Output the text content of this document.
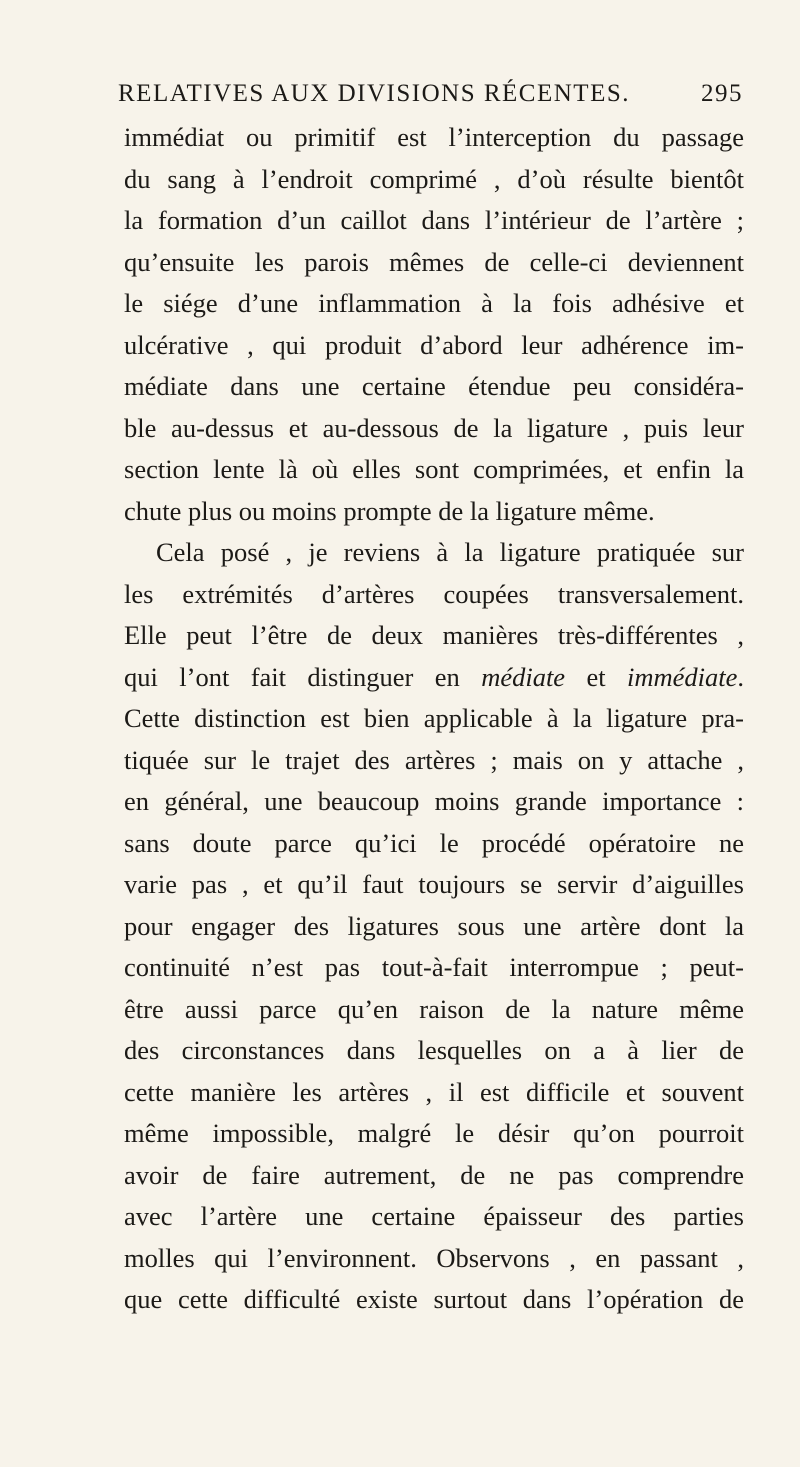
RELATIVES AUX DIVISIONS RÉCENTES.	295
immédiat ou primitif est l’interception du passage
du sang à l’endroit comprimé , d’où résulte bientôt
la formation d’un caillot dans l’intérieur de l’artère ;
qu’ensuite les parois mêmes de celle-ci deviennent
le siége d’une inflammation à la fois adhésive et
ulcérative , qui produit d’abord leur adhérence im-
médiate dans une certaine étendue peu considéra-
ble au-dessus et au-dessous de la ligature , puis leur
section lente là où elles sont comprimées, et enfin la
chute plus ou moins prompte de la ligature même.
Cela posé , je reviens à la ligature pratiquée sur
les extrémités d’artères coupées transversalement.
Elle peut l’être de deux manières très-différentes ,
qui l’ont fait distinguer en médiate et immédiate.
Cette distinction est bien applicable à la ligature pra-
tiquée sur le trajet des artères ; mais on y attache ,
en général, une beaucoup moins grande importance :
sans doute parce qu’ici le procédé opératoire ne
varie pas , et qu’il faut toujours se servir d’aiguilles
pour engager des ligatures sous une artère dont la
continuité n’est pas tout-à-fait interrompue ; peut-
être aussi parce qu’en raison de la nature même
des circonstances dans lesquelles on a à lier de
cette manière les artères , il est difficile et souvent
même impossible, malgré le désir qu’on pourroit
avoir de faire autrement, de ne pas comprendre
avec l’artère une certaine épaisseur des parties
molles qui l’environnent. Observons , en passant ,
que cette difficulté existe surtout dans l’opération de
